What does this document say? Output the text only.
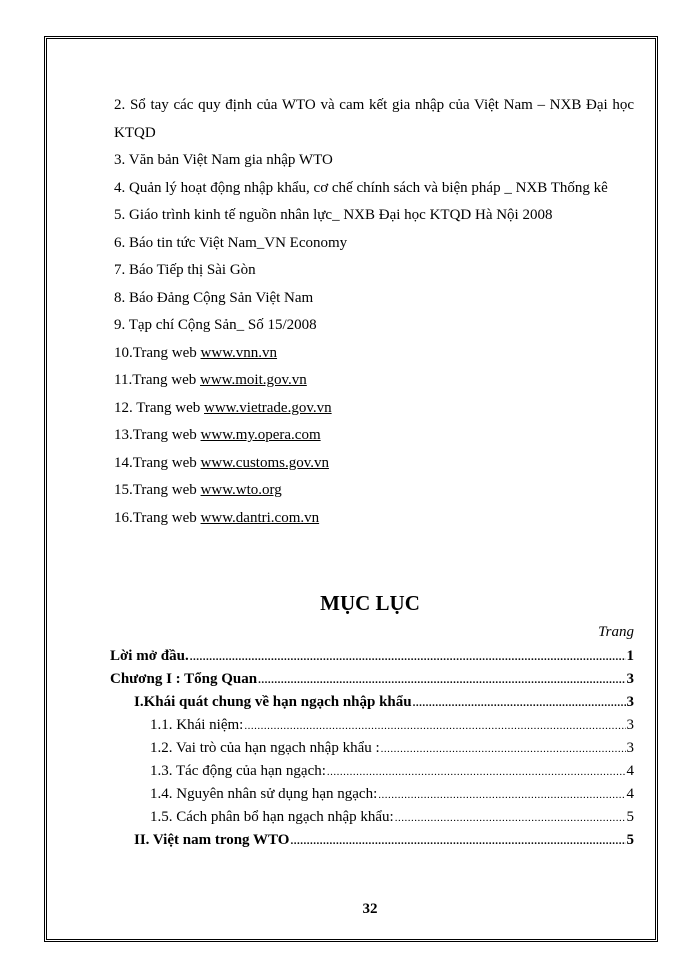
2. Sổ tay các quy định của WTO và cam kết gia nhập của Việt Nam – NXB Đại học KTQD

3. Văn bản Việt Nam gia nhập WTO

4. Quản lý hoạt động nhập khẩu, cơ chế chính sách và biện pháp _ NXB Thống kê

5. Giáo trình kinh tế nguồn nhân lực_ NXB Đại học KTQD Hà Nội 2008

6. Báo tin tức Việt Nam_VN Economy

7. Báo Tiếp thị Sài Gòn

8. Báo Đảng Cộng Sản Việt Nam

9. Tạp chí Cộng Sản_ Số 15/2008

10.Trang web www.vnn.vn

11.Trang web www.moit.gov.vn

12. Trang web www.vietrade.gov.vn

13.Trang web www.my.opera.com

14.Trang web www.customs.gov.vn

15.Trang web www.wto.org

16.Trang web www.dantri.com.vn

MỤC LỤC
Trang
Lời mở đầu. .....	1
Chương I : Tổng Quan .....	3
I.Khái quát chung về hạn ngạch nhập khẩu .....	3
1.1. Khái niệm: .....	3
1.2. Vai trò của hạn ngạch nhập khẩu : .....	3
1.3. Tác động của hạn ngạch: .....	4
1.4. Nguyên nhân sử dụng hạn ngạch: .....	4
1.5. Cách phân bổ hạn ngạch nhập khẩu: .....	5
II. Việt nam trong WTO .....	5
32
